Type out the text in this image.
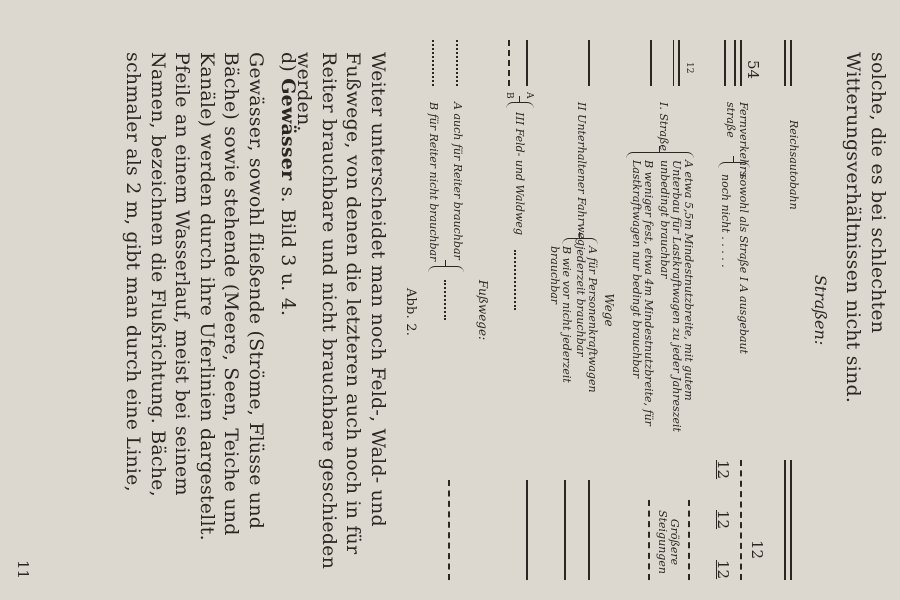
solche, die es bei schlechten Witterungsverhältnissen nicht sind.
Straßen:
Reichsautobahn
54
Fernverkehrs straße
sowohl als Straße I A ausgebaut
noch nicht . . . . .
12
12
12
12
12
I. Straße
A etwa 5,5m Mindestnutzbreite, mit gutem Unterbau für Lastkraftwagen zu jeder Jahreszeit unbedingt brauchbar
B weniger fest, etwa 4m Mindestnutzbreite, für Lastkraftwagen nur bedingt brauchbar
Größere Steigungen
Wege
II Unterhaltener Fahrweg
A für Personenkraftwagen jederzeit brauchbar
B wie vor nicht jederzeit brauchbar
A
B
III Feld- und Waldweg
Fußwege:
A auch für Reiter brauchbar
B für Reiter nicht brauchbar
Abb. 2.
Weiter unterscheidet man noch Feld-, Wald- und Fußwege, von denen die letzteren auch noch in für Reiter brauchbare und nicht brauchbare geschieden werden.
d) Gewässer s. Bild 3 u. 4.
Gewässer, sowohl fließende (Ströme, Flüsse und Bäche) sowie stehende (Meere, Seen, Teiche und Kanäle) werden durch ihre Uferlinien dargestellt. Pfeile an einem Wasserlauf, meist bei seinem Namen, bezeichnen die Flußrichtung. Bäche, schmaler als 2 m, gibt man durch eine Linie,
11
